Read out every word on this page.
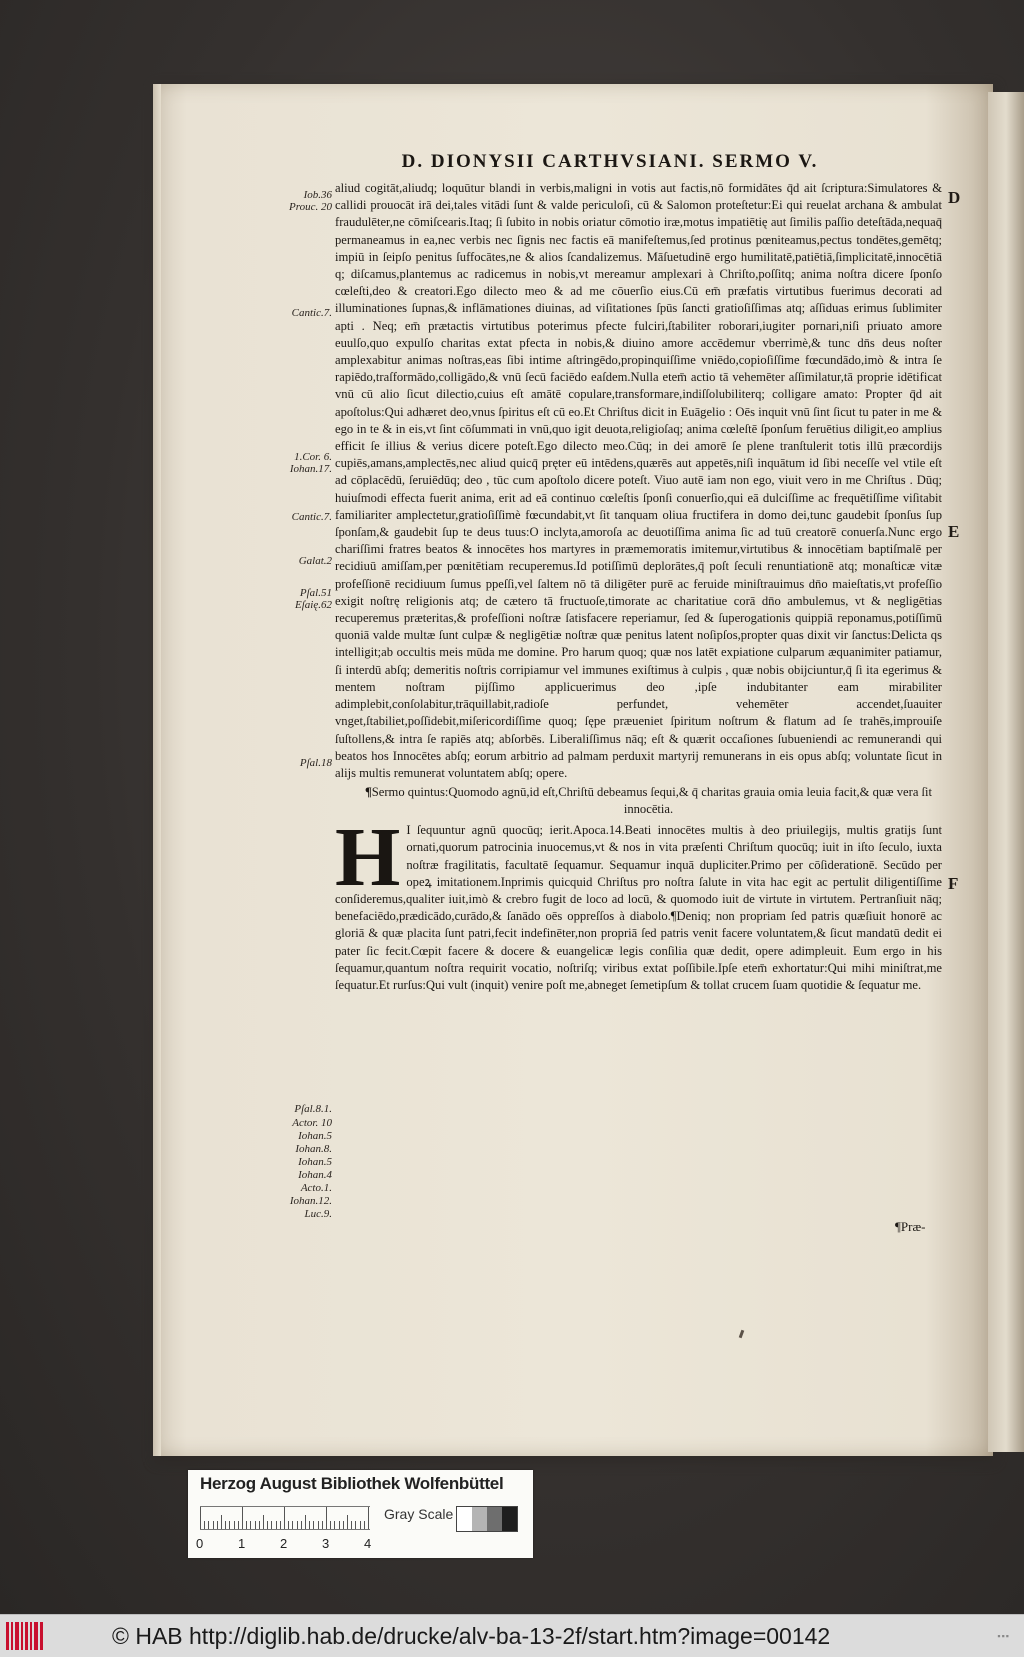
D. DIONYSII CARTHVSIANI. SERMO V.
Iob.36
Prouc. 20
Cantic.7.
1.Cor. 6.
Iohan.17.
Cantic.7.
Galat.2
Pſal.51
Eſaię.62
Pſal.18
Pſal.8.1.
Actor. 10
Iohan.5
Iohan.8.
Iohan.5
Iohan.4
Acto.1.
Iohan.12.
Luc.9.
D
E
F

aliud cogitāt,aliudq; loquūtur blandi in verbis,maligni in votis aut factis,nō formidātes q̄d ait ſcriptura:Simulatores & callidi prouocāt irā dei,tales vitādi ſunt & valde periculoſi, cū & Salomon proteſtetur:Ei qui reuelat archana & ambulat fraudulēter,ne cōmiſcearis.Itaq; ſi ſubito in nobis oriatur cōmotio iræ,motus impatiētię aut ſimilis paſſio deteſtāda,nequaq̄ permaneamus in ea,nec verbis nec ſignis nec factis eā manifeſtemus,ſed protinus pœniteamus,pectus tondētes,gemētq; impiū in ſeipſo penitus ſuffocātes,ne & alios ſcandalizemus. Māſuetudinē ergo humilitatē,patiētiā,ſimplicitatē,innocētiā q; diſcamus,plantemus ac radicemus in nobis,vt mereamur amplexari à Chriſto,poſſitq; anima noſtra dicere ſponſo cœleſti,deo & creatori.Ego dilecto meo & ad me cōuerſio eius.Cū em̄ præfatis virtutibus fuerimus decorati ad illuminationes ſupnas,& inflāmationes diuinas, ad viſitationes ſpūs ſancti gratioſiſſimas atq; aſſiduas erimus ſublimiter apti . Neq; em̄ prætactis virtutibus poterimus pfecte fulciri,ſtabiliter roborari,iugiter pornari,niſi priuato amore euulſo,quo expulſo charitas extat pfecta in nobis,& diuino amore accēdemur vberrimè,& tunc dn̄s deus noſter amplexabitur animas noſtras,eas ſibi intime aſtringēdo,propinquiſſime vniēdo,copioſiſſime fœcundādo,imò & intra ſe rapiēdo,traſformādo,colligādo,& vnū ſecū faciēdo eaſdem.Nulla etem̄ actio tā vehemēter aſſimilatur,tā proprie idētificat vnū cū alio ſicut dilectio,cuius eſt amātē copulare,transformare,indiſſolubiliterq; colligare amato: Propter q̄d ait apoſtolus:Qui adhæret deo,vnus ſpiritus eſt cū eo.Et Chriſtus dicit in Euāgelio : Oēs inquit vnū ſint ſicut tu pater in me & ego in te & in eis,vt ſint cōſummati in vnū,quo igit deuota,religioſaq; anima cœleſtē ſponſum feruētius diligit,eo amplius efficit ſe illius & verius dicere poteſt.Ego dilecto meo.Cūq; in dei amorē ſe plene tranſtulerit totis illū præcordijs cupiēs,amans,amplectēs,nec aliud quicq̄ pręter eū intēdens,quærēs aut appetēs,niſi inquātum id ſibi neceſſe vel vtile eſt ad cōplacēdū, ſeruiēdūq; deo , tūc cum apoſtolo dicere poteſt. Viuo autē iam non ego, viuit vero in me Chriſtus . Dūq; huiuſmodi effecta fuerit anima, erit ad eā continuo cœleſtis ſponſi conuerſio,qui eā dulciſſime ac frequētiſſime viſitabit familiariter amplectetur,gratioſiſſimè fœcundabit,vt ſit tanquam oliua fructifera in domo dei,tunc gaudebit ſponſus ſup ſponſam,& gaudebit ſup te deus tuus:O inclyta,amoroſa ac deuotiſſima anima ſic ad tuū creatorē conuerſa.Nunc ergo chariſſimi fratres beatos & innocētes hos martyres in præmemoratis imitemur,virtutibus & innocētiam baptiſmalē per recidiuū amiſſam,per pœnitētiam recuperemus.Id potiſſimū deplorātes,q̄ poſt ſeculi renuntiationē atq; monaſticæ vitæ profeſſionē recidiuum ſumus ppeſſi,vel ſaltem nō tā diligēter purē ac feruide miniſtrauimus dn̄o maieſtatis,vt profeſſio exigit noſtrę religionis atq; de cætero tā fructuoſe,timorate ac charitatiue corā dn̄o ambulemus, vt & negligētias recuperemus præteritas,& profeſſioni noſtræ ſatisfacere reperiamur, ſed & ſuperogationis quippiā reponamus,potiſſimū quoniā valde multæ ſunt culpæ & negligētiæ noſtræ quæ penitus latent noſipſos,propter quas dixit vir ſanctus:Delicta qs intelligit;ab occultis meis mūda me domine. Pro harum quoq; quæ nos latēt expiatione culparum æquanimiter patiamur, ſi interdū abſq; demeritis noſtris corripiamur vel immunes exiſtimus à culpis , quæ nobis obijciuntur,q̄ ſi ita egerimus & mentem noſtram pijſſimo applicuerimus deo ,ipſe indubitanter eam mirabiliter adimplebit,conſolabitur,trāquillabit,radioſe perfundet, vehemēter accendet,ſuauiter vnget,ſtabiliet,poſſidebit,miſericordiſſime quoq; ſępe præueniet ſpiritum noſtrum & flatum ad ſe trahēs,improuiſe ſuſtollens,& intra ſe rapiēs atq; abſorbēs. Liberaliſſimus nāq; eſt & quærit occaſiones ſubueniendi ac remunerandi qui beatos hos Innocētes abſq; eorum arbitrio ad palmam perduxit martyrij remunerans in eis opus abſq; voluntate ſicut in alijs multis remunerat voluntatem abſq; opere.

¶Sermo quintus:Quomodo agnū,id eſt,Chriſtū debeamus ſequi,& q̄ charitas grauia omia leuia facit,& quæ vera ſit innocētia.

H I ſequuntur agnū quocūq; ierit.Apoca.14.Beati innocētes multis à deo priuilegijs, multis gratijs ſunt ornati,quorum patrocinia inuocemus,vt & nos in vita præſenti Chriſtum quocūq; iuit in iſto ſeculo, iuxta noſtræ fragilitatis, facultatē ſequamur. Sequamur inquā dupliciter.Primo per cōſiderationē. Secūdo per opeꝝ imitationem.Inprimis quicquid Chriſtus pro noſtra ſalute in vita hac egit ac pertulit diligentiſſime conſideremus,qualiter iuit,imò & crebro fugit de loco ad locū, & quomodo iuit de virtute in virtutem. Pertranſiuit nāq; benefaciēdo,prædicādo,curādo,& ſanādo oēs oppreſſos à diabolo.¶Deniq; non propriam ſed patris quæſiuit honorē ac gloriā & quæ placita ſunt patri,fecit indefinēter,non propriā ſed patris venit facere voluntatem,& ſicut mandatū dedit ei pater ſic fecit.Cœpit facere & docere & euangelicæ legis conſilia quæ dedit, opere adimpleuit. Eum ergo in his ſequamur,quantum noſtra requirit vocatio, noſtriſq; viribus extat poſſibile.Ipſe etem̄ exhortatur:Qui mihi miniſtrat,me ſequatur.Et rurſus:Qui vult (inquit) venire poſt me,abneget ſemetipſum & tollat crucem ſuam quotidie & ſequatur me.

¶Præ-
Herzog August Bibliothek Wolfenbüttel
0	1	2	3	4
Gray Scale
© HAB http://diglib.hab.de/drucke/alv-ba-13-2f/start.htm?image=00142	▪▪▪
